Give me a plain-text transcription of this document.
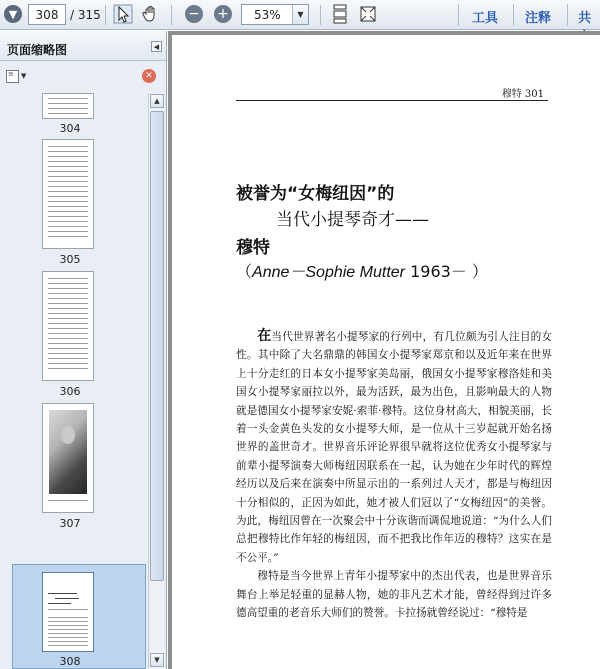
▼	308 / 315	− + 53%	▼	工具 注释 共
页面缩略图	◀
≡	▼	✕
304
305
306
307
308
▲
▼
穆特 301
被誉为“女梅纽因”的
当代小提琴奇才——
穆特
（Anne－Sophie Mutter 1963－ ）

在当代世界著名小提琴家的行列中，有几位颇为引人注目的女性。其中除了大名鼎鼎的韩国女小提琴家郑京和以及近年来在世界上十分走红的日本女小提琴家美岛丽，俄国女小提琴家穆洛娃和美国女小提琴家丽拉以外，最为活跃，最为出色，且影响最大的人物就是德国女小提琴家安妮·索菲·穆特。这位身材高大，相貌美丽，长着一头金黄色头发的女小提琴大师，是一位从十三岁起就开始名扬世界的盖世奇才。世界音乐评论界很早就将这位优秀女小提琴家与前辈小提琴演奏大师梅纽因联系在一起，认为她在少年时代的辉煌经历以及后来在演奏中所显示出的一系列过人天才，都是与梅纽因十分相似的，正因为如此，她才被人们冠以了“女梅纽因”的美誉。为此，梅纽因曾在一次聚会中十分诙谐而调侃地说道：“为什么人们总把穆特比作年轻的梅纽因，而不把我比作年迈的穆特？这实在是不公平。”

穆特是当今世界上青年小提琴家中的杰出代表，也是世界音乐舞台上举足轻重的显赫人物，她的非凡艺术才能，曾经得到过许多德高望重的老音乐大师们的赞誉。卡拉扬就曾经说过：“穆特是
